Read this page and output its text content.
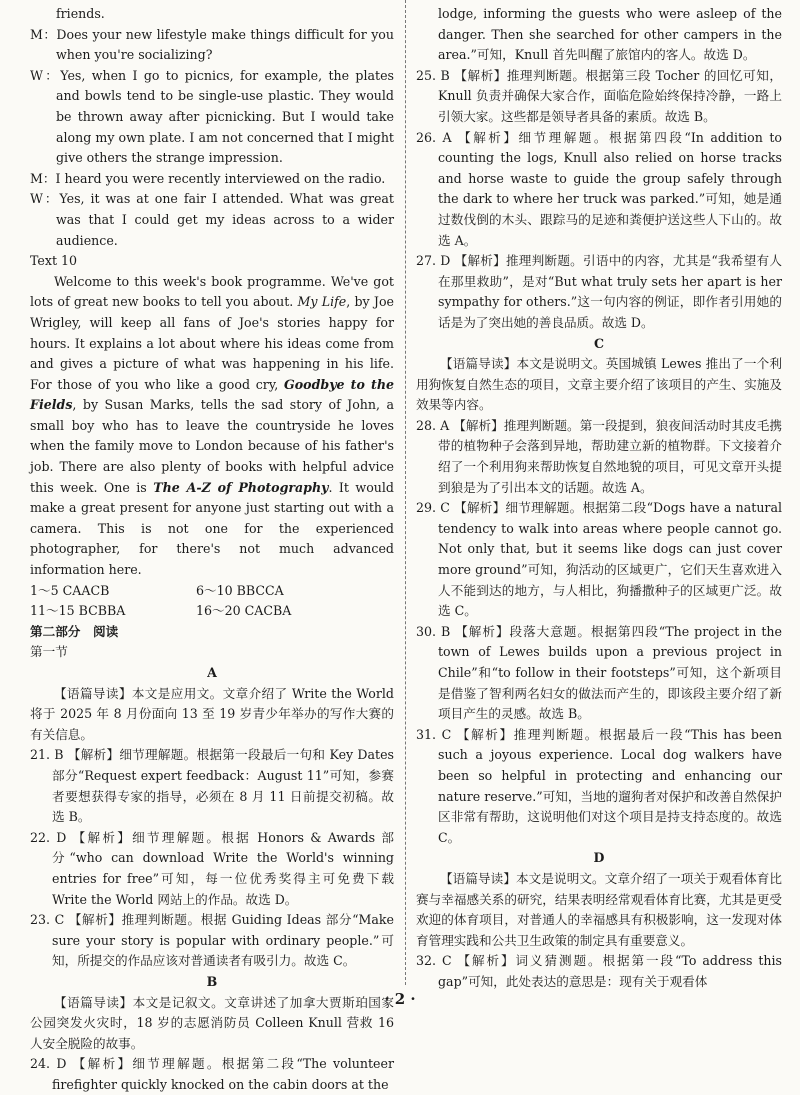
friends.

M：Does your new lifestyle make things difficult for you when you're socializing?

W：Yes, when I go to picnics, for example, the plates and bowls tend to be single-use plastic. They would be thrown away after picnicking. But I would take along my own plate. I am not concerned that I might give others the strange impression.

M：I heard you were recently interviewed on the radio.

W：Yes, it was at one fair I attended. What was great was that I could get my ideas across to a wider audience.

Text 10

Welcome to this week's book programme. We've got lots of great new books to tell you about. My Life, by Joe Wrigley, will keep all fans of Joe's stories happy for hours. It explains a lot about where his ideas come from and gives a picture of what was happening in his life. For those of you who like a good cry, Goodbye to the Fields, by Susan Marks, tells the sad story of John, a small boy who has to leave the countryside he loves when the family move to London because of his father's job. There are also plenty of books with helpful advice this week. One is The A-Z of Photography. It would make a great present for anyone just starting out with a camera. This is not one for the experienced photographer, for there's not much advanced information here.

1～5 CAACB	6～10 BBCCA
11～15 BCBBA	16～20 CACBA

第二部分　阅读

第一节

A

【语篇导读】本文是应用文。文章介绍了 Write the World 将于 2025 年 8 月份面向 13 至 19 岁青少年举办的写作大赛的有关信息。

21. B 【解析】细节理解题。根据第一段最后一句和 Key Dates 部分“Request expert feedback：August 11”可知，参赛者要想获得专家的指导，必须在 8 月 11 日前提交初稿。故选 B。

22. D 【解析】细节理解题。根据 Honors & Awards 部分“who can download Write the World's winning entries for free”可知，每一位优秀奖得主可免费下载 Write the World 网站上的作品。故选 D。

23. C 【解析】推理判断题。根据 Guiding Ideas 部分“Make sure your story is popular with ordinary people.”可知，所提交的作品应该对普通读者有吸引力。故选 C。

B

【语篇导读】本文是记叙文。文章讲述了加拿大贾斯珀国家公园突发火灾时，18 岁的志愿消防员 Colleen Knull 营救 16 人安全脱险的故事。

24. D 【解析】细节理解题。根据第二段“The volunteer firefighter quickly knocked on the cabin doors at the

lodge, informing the guests who were asleep of the danger. Then she searched for other campers in the area.”可知，Knull 首先叫醒了旅馆内的客人。故选 D。

25. B 【解析】推理判断题。根据第三段 Tocher 的回忆可知，Knull 负责并确保大家合作，面临危险始终保持冷静，一路上引领大家。这些都是领导者具备的素质。故选 B。

26. A 【解析】细节理解题。根据第四段“In addition to counting the logs, Knull also relied on horse tracks and horse waste to guide the group safely through the dark to where her truck was parked.”可知，她是通过数伐倒的木头、跟踪马的足迹和粪便护送这些人下山的。故选 A。

27. D 【解析】推理判断题。引语中的内容，尤其是“我希望有人在那里救助”，是对“But what truly sets her apart is her sympathy for others.”这一句内容的例证，即作者引用她的话是为了突出她的善良品质。故选 D。

C

【语篇导读】本文是说明文。英国城镇 Lewes 推出了一个利用狗恢复自然生态的项目，文章主要介绍了该项目的产生、实施及效果等内容。

28. A 【解析】推理判断题。第一段提到，狼夜间活动时其皮毛携带的植物种子会落到异地，帮助建立新的植物群。下文接着介绍了一个利用狗来帮助恢复自然地貌的项目，可见文章开头提到狼是为了引出本文的话题。故选 A。

29. C 【解析】细节理解题。根据第二段“Dogs have a natural tendency to walk into areas where people cannot go. Not only that, but it seems like dogs can just cover more ground”可知，狗活动的区域更广，它们天生喜欢进入人不能到达的地方，与人相比，狗播撒种子的区域更广泛。故选 C。

30. B 【解析】段落大意题。根据第四段“The project in the town of Lewes builds upon a previous project in Chile”和“to follow in their footsteps”可知，这个新项目是借鉴了智利两名妇女的做法而产生的，即该段主要介绍了新项目产生的灵感。故选 B。

31. C 【解析】推理判断题。根据最后一段“This has been such a joyous experience. Local dog walkers have been so helpful in protecting and enhancing our nature reserve.”可知，当地的遛狗者对保护和改善自然保护区非常有帮助，这说明他们对这个项目是持支持态度的。故选 C。

D

【语篇导读】本文是说明文。文章介绍了一项关于观看体育比赛与幸福感关系的研究，结果表明经常观看体育比赛，尤其是更受欢迎的体育项目，对普通人的幸福感具有积极影响，这一发现对体育管理实践和公共卫生政策的制定具有重要意义。

32. C 【解析】词义猜测题。根据第一段“To address this gap”可知，此处表达的意思是：现有关于观看体

· 2 ·
